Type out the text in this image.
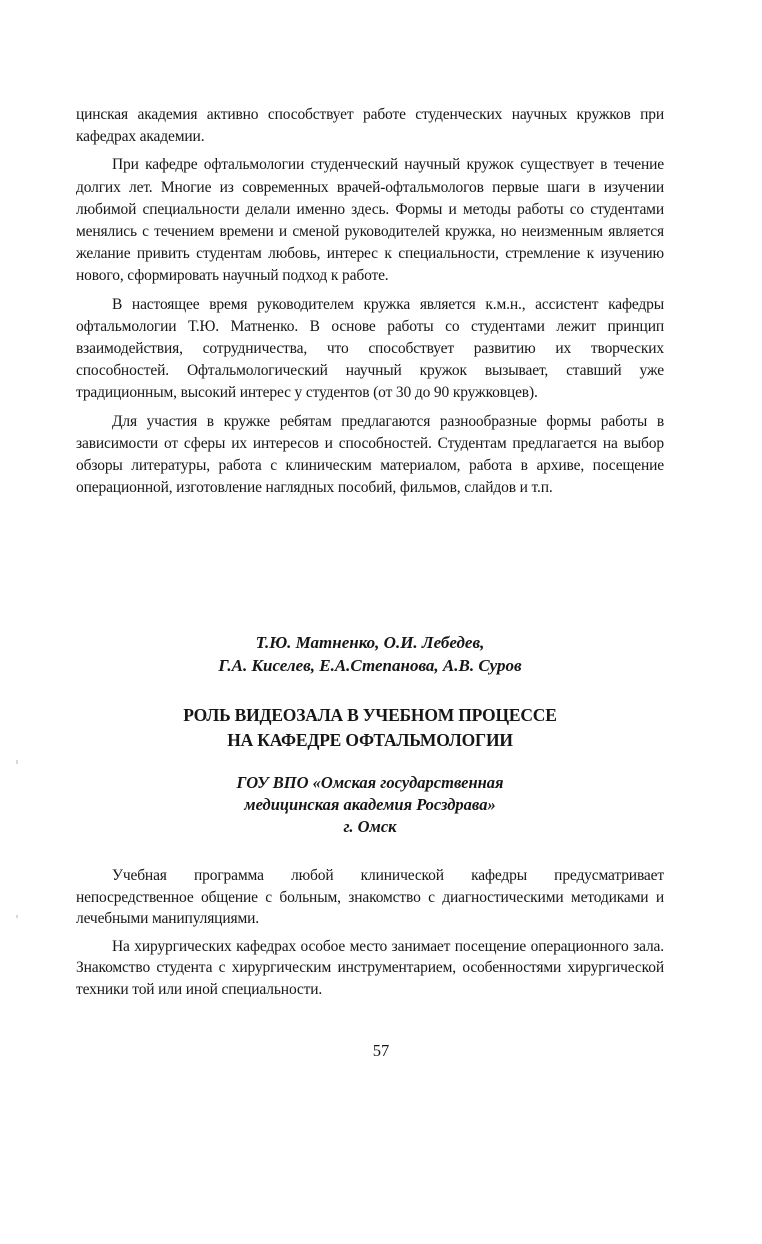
цинская академия активно способствует работе студенческих научных кружков при кафедрах академии.

При кафедре офтальмологии студенческий научный кружок существует в течение долгих лет. Многие из современных врачей-офтальмологов первые шаги в изучении любимой специальности делали именно здесь. Формы и методы работы со студентами менялись с течением времени и сменой руководителей кружка, но неизменным является желание привить студентам любовь, интерес к специальности, стремление к изучению нового, сформировать научный подход к работе.

В настоящее время руководителем кружка является к.м.н., ассистент кафедры офтальмологии Т.Ю. Матненко. В основе работы со студентами лежит принцип взаимодействия, сотрудничества, что способствует развитию их творческих способностей. Офтальмологический научный кружок вызывает, ставший уже традиционным, высокий интерес у студентов (от 30 до 90 кружковцев).

Для участия в кружке ребятам предлагаются разнообразные формы работы в зависимости от сферы их интересов и способностей. Студентам предлагается на выбор обзоры литературы, работа с клиническим материалом, работа в архиве, посещение операционной, изготовление наглядных пособий, фильмов, слайдов и т.п.

Т.Ю. Матненко, О.И. Лебедев,
Г.А. Киселев, Е.А.Степанова, А.В. Суров
РОЛЬ ВИДЕОЗАЛА В УЧЕБНОМ ПРОЦЕССЕ
НА КАФЕДРЕ ОФТАЛЬМОЛОГИИ
ГОУ ВПО «Омская государственная
медицинская академия Росздрава»
г. Омск

Учебная программа любой клинической кафедры предусматривает непосредственное общение с больным, знакомство с диагностическими методиками и лечебными манипуляциями.

На хирургических кафедрах особое место занимает посещение операционного зала. Знакомство студента с хирургическим инструментарием, особенностями хирургической техники той или иной специальности.

57
